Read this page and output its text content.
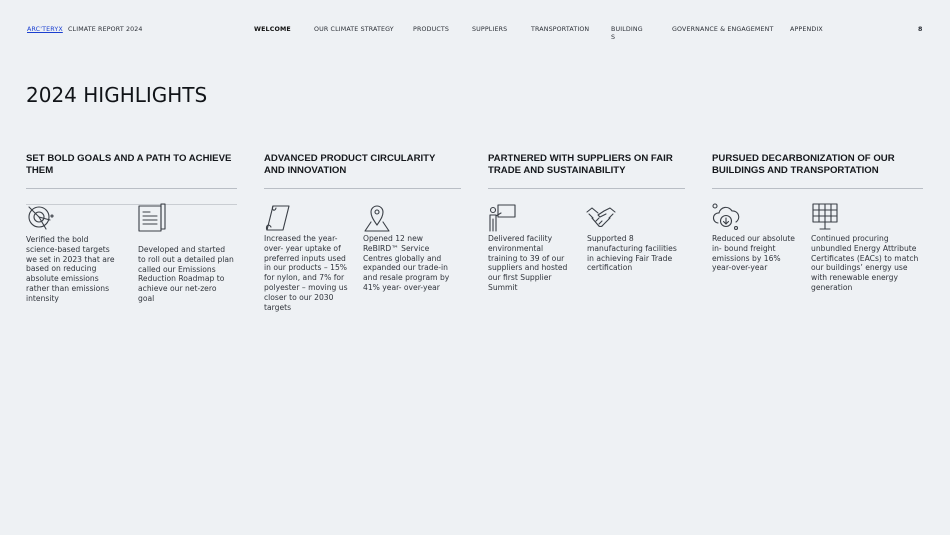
ARC'TERYX CLIMATE REPORT 2024	WELCOME	OUR CLIMATE STRATEGY	PRODUCTS	SUPPLIERS	TRANSPORTATION	BUILDINGS
GOVERNANCE & ENGAGEMENT	APPENDIX	8
2024 HIGHLIGHTS
SET BOLD GOALS AND A PATH TO ACHIEVE THEM
ADVANCED PRODUCT CIRCULARITY AND INNOVATION
PARTNERED WITH SUPPLIERS ON FAIR TRADE AND SUSTAINABILITY
PURSUED DECARBONIZATION OF OUR BUILDINGS AND TRANSPORTATION

Verified the bold science-based targets we set in 2023 that are based on reducing absolute emissions rather than emissions intensity

Developed and started to roll out a detailed plan called our Emissions Reduction Roadmap to achieve our net-zero goal

Increased the year-over- year uptake of preferred inputs used in our products – 15% for nylon, and 7% for polyester – moving us closer to our 2030 targets

Opened 12 new ReBIRD™ Service Centres globally and expanded our trade-in and resale program by 41% year- over-year

Delivered facility environmental training to 39 of our suppliers and hosted our first Supplier Summit

Supported 8 manufacturing facilities in achieving Fair Trade certification

Reduced our absolute in- bound freight emissions by 16% year-over-year

Continued procuring unbundled Energy Attribute Certificates (EACs) to match our buildings’ energy use with renewable energy generation
